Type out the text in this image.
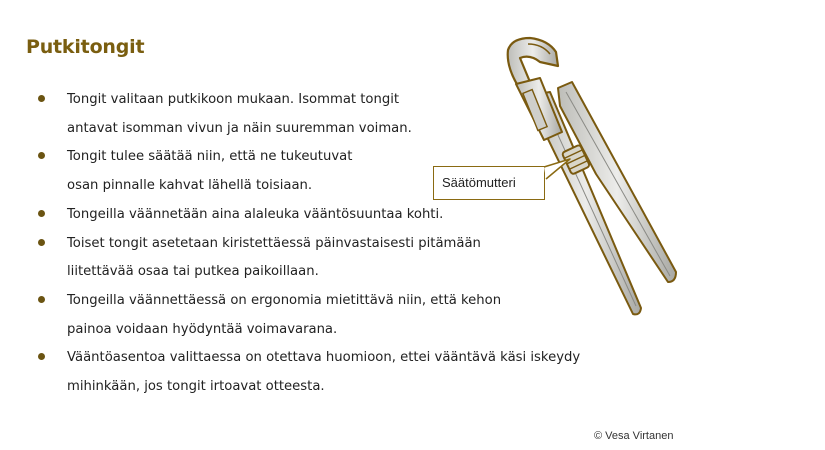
Putkitongit
Tongit valitaan putkikoon mukaan. Isommat tongit
antavat isomman vivun ja näin suuremman voiman.
Tongit tulee säätää niin, että ne tukeutuvat
osan pinnalle kahvat lähellä toisiaan.
Tongeilla väännetään aina alaleuka vääntösuuntaa kohti.
Toiset tongit asetetaan kiristettäessä päinvastaisesti pitämään
liitettävää osaa tai putkea paikoillaan.
Tongeilla väännettäessä on ergonomia mietittävä niin, että kehon
painoa voidaan hyödyntää voimavarana.
Vääntöasentoa valittaessa on otettava huomioon, ettei vääntävä käsi iskeydy
mihinkään, jos tongit irtoavat otteesta.
Säätömutteri
© Vesa Virtanen
